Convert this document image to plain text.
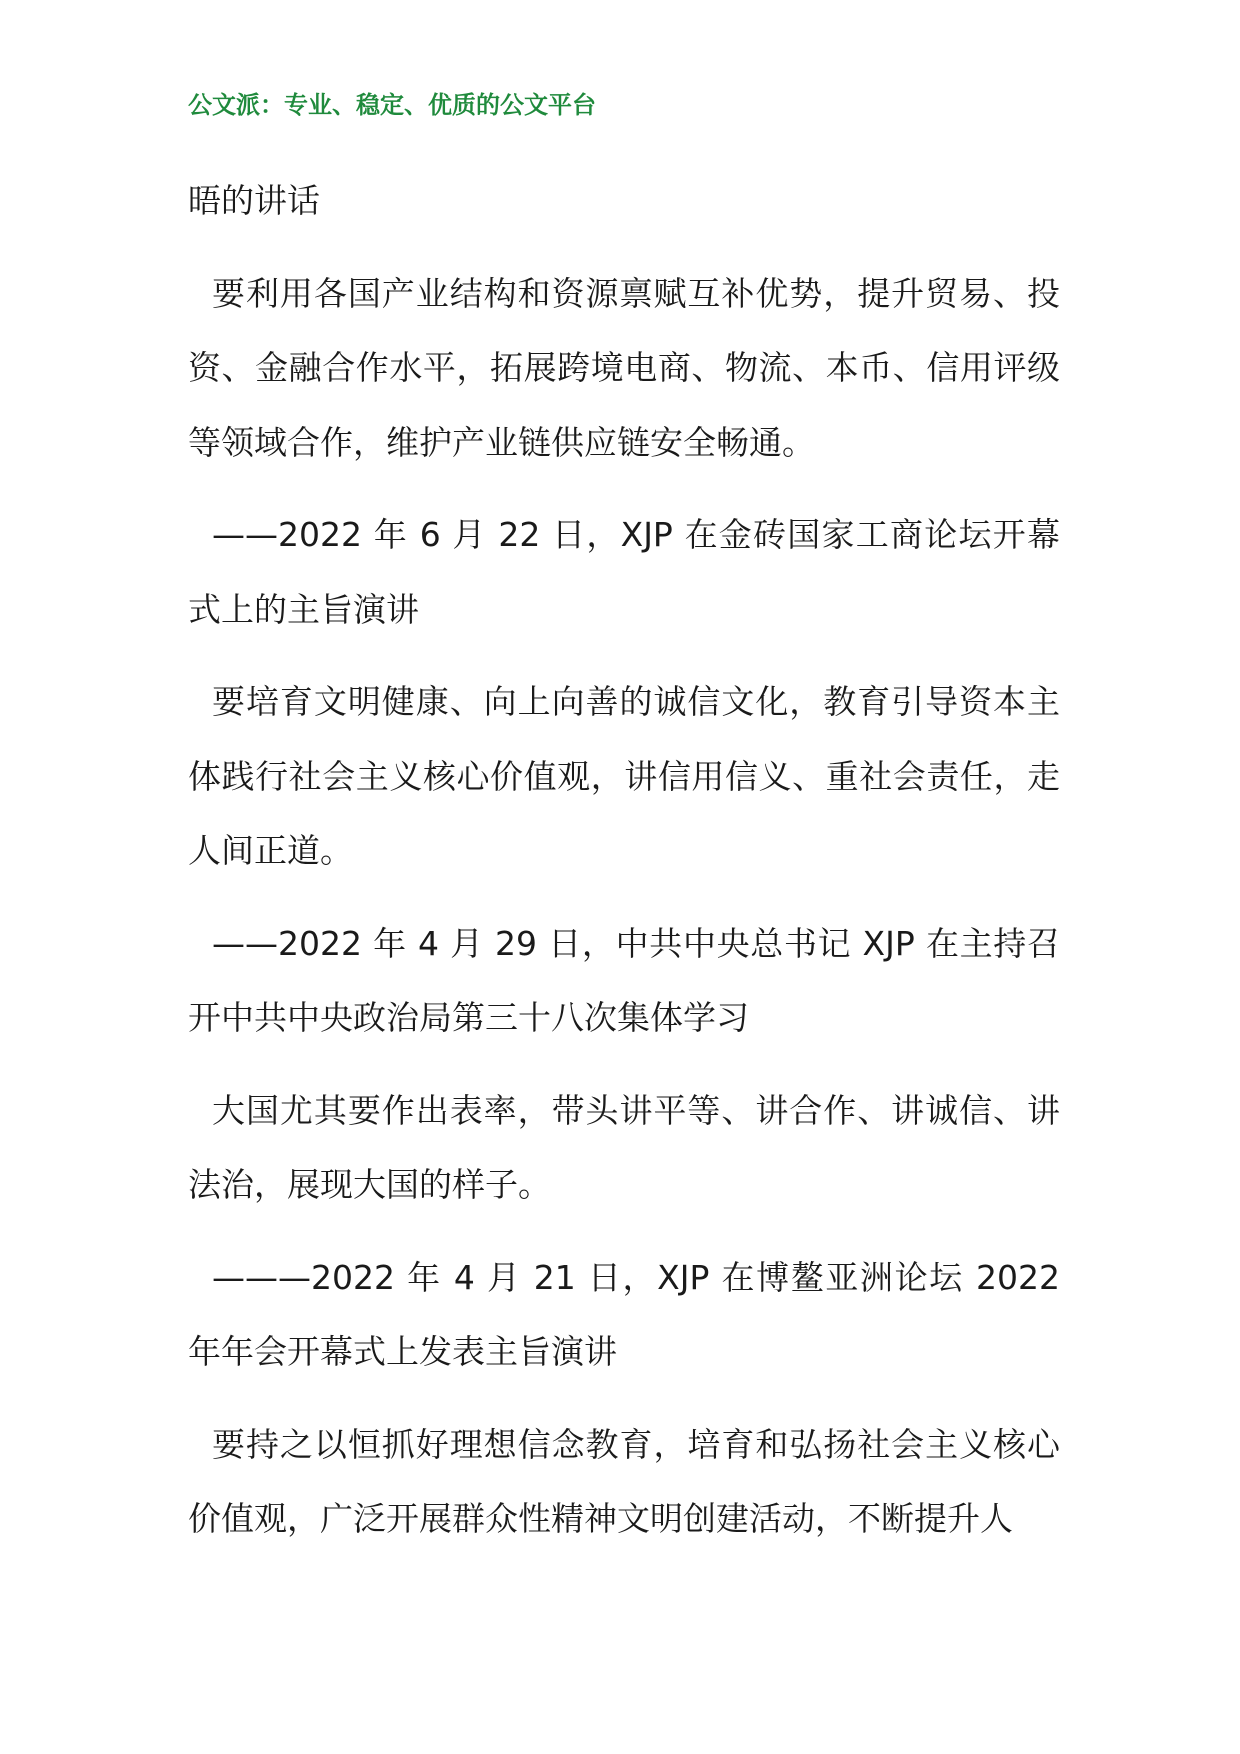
公文派：专业、稳定、优质的公文平台

晤的讲话

要利用各国产业结构和资源禀赋互补优势，提升贸易、投资、金融合作水平，拓展跨境电商、物流、本币、信用评级等领域合作，维护产业链供应链安全畅通。

——2022 年 6 月 22 日，XJP 在金砖国家工商论坛开幕式上的主旨演讲

要培育文明健康、向上向善的诚信文化，教育引导资本主体践行社会主义核心价值观，讲信用信义、重社会责任，走人间正道。

——2022 年 4 月 29 日，中共中央总书记 XJP 在主持召开中共中央政治局第三十八次集体学习

大国尤其要作出表率，带头讲平等、讲合作、讲诚信、讲法治，展现大国的样子。

———2022 年 4 月 21 日，XJP 在博鳌亚洲论坛 2022 年年会开幕式上发表主旨演讲

要持之以恒抓好理想信念教育，培育和弘扬社会主义核心价值观，广泛开展群众性精神文明创建活动，不断提升人
